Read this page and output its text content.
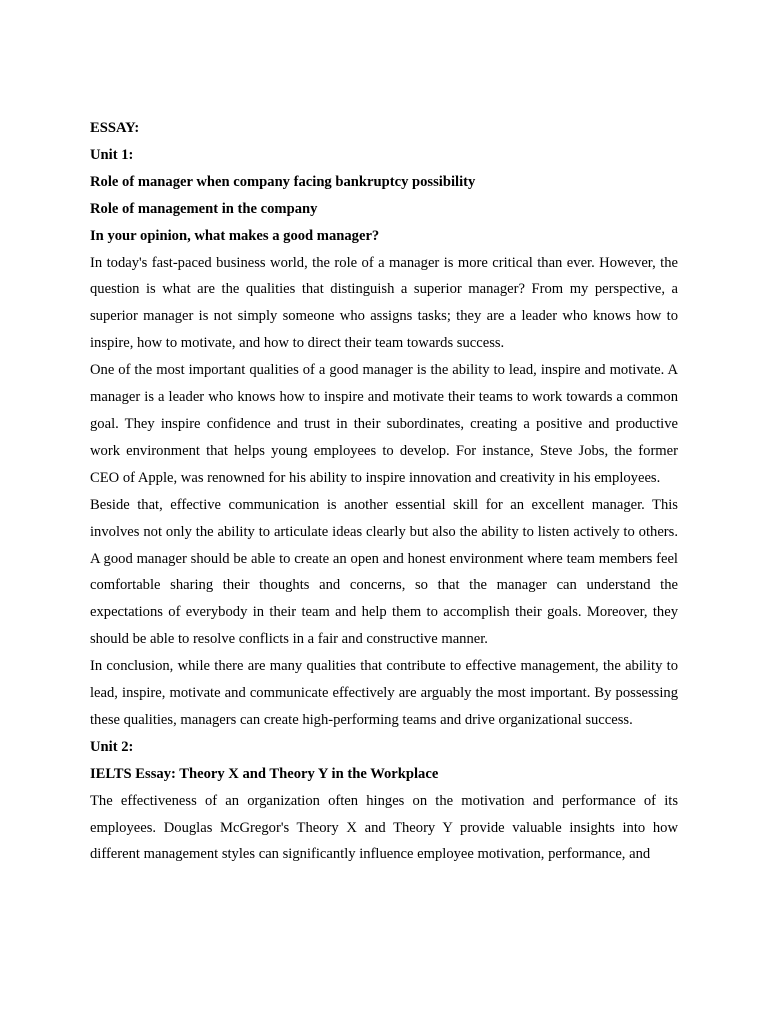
ESSAY:

Unit 1:

Role of manager when company facing bankruptcy possibility

Role of management in the company

In your opinion, what makes a good manager?

In today's fast-paced business world, the role of a manager is more critical than ever. However, the question is what are the qualities that distinguish a superior manager? From my perspective, a superior manager is not simply someone who assigns tasks; they are a leader who knows how to inspire, how to motivate, and how to direct their team towards success.

One of the most important qualities of a good manager is the ability to lead, inspire and motivate. A manager is a leader who knows how to inspire and motivate their teams to work towards a common goal. They inspire confidence and trust in their subordinates, creating a positive and productive work environment that helps young employees to develop. For instance, Steve Jobs, the former CEO of Apple, was renowned for his ability to inspire innovation and creativity in his employees.

Beside that, effective communication is another essential skill for an excellent manager. This involves not only the ability to articulate ideas clearly but also the ability to listen actively to others. A good manager should be able to create an open and honest environment where team members feel comfortable sharing their thoughts and concerns, so that the manager can understand the expectations of everybody in their team and help them to accomplish their goals. Moreover, they should be able to resolve conflicts in a fair and constructive manner.

In conclusion, while there are many qualities that contribute to effective management, the ability to lead, inspire, motivate and communicate effectively are arguably the most important. By possessing these qualities, managers can create high-performing teams and drive organizational success.

Unit 2:

IELTS Essay: Theory X and Theory Y in the Workplace

The effectiveness of an organization often hinges on the motivation and performance of its employees. Douglas McGregor's Theory X and Theory Y provide valuable insights into how different management styles can significantly influence employee motivation, performance, and
